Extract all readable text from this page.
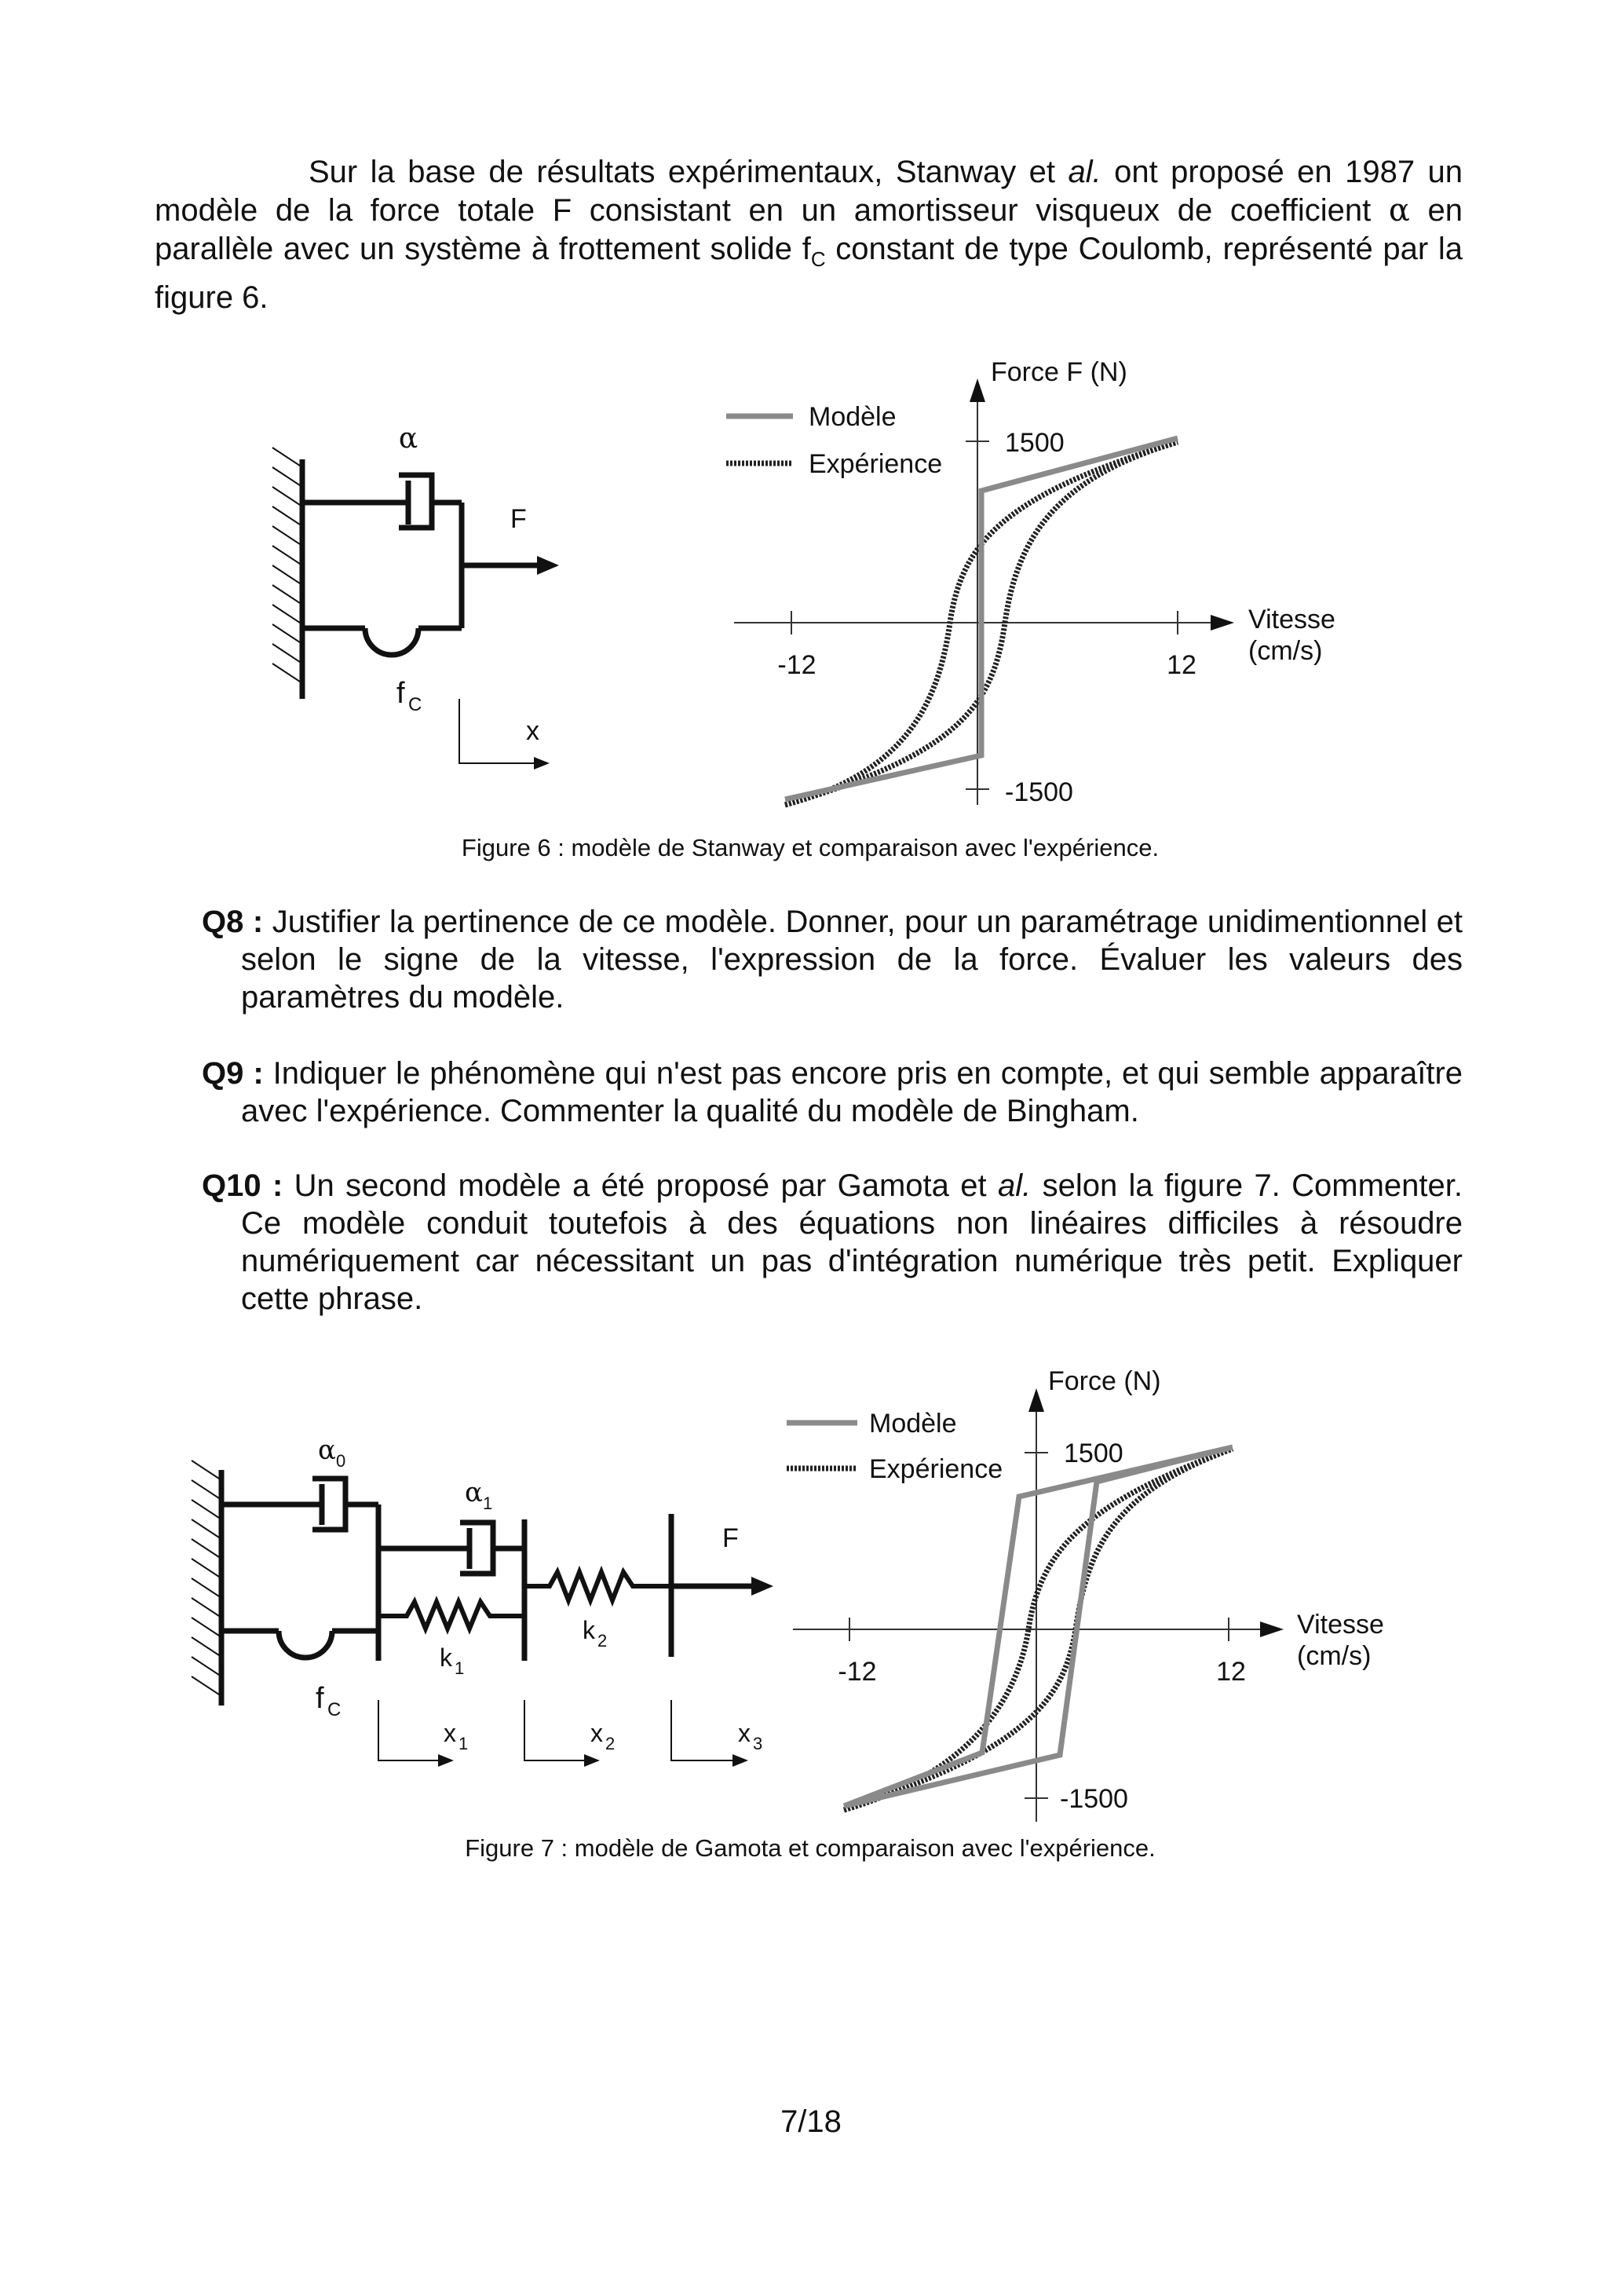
Sur la base de résultats expérimentaux, Stanway et al. ont proposé en 1987 un modèle de la force totale F consistant en un amortisseur visqueux de coefficient α en parallèle avec un système à frottement solide $f_C$ constant de type Coulomb, représenté par la figure 6.

α
F
f C
x
Modèle
Expérience
Force F (N)
1500
-1500
-12	12
Vitesse
(cm/s)

Figure 6 : modèle de Stanway et comparaison avec l'expérience.

Q8 : Justifier la pertinence de ce modèle. Donner, pour un paramétrage unidimentionnel et selon le signe de la vitesse, l'expression de la force. Évaluer les valeurs des paramètres du modèle.

Q9 : Indiquer le phénomène qui n'est pas encore pris en compte, et qui semble apparaître avec l'expérience. Commenter la qualité du modèle de Bingham.

Q10 : Un second modèle a été proposé par Gamota et al. selon la figure 7. Commenter. Ce modèle conduit toutefois à des équations non linéaires difficiles à résoudre numériquement car nécessitant un pas d'intégration numérique très petit. Expliquer cette phrase.

α 0
α 1
k 1
k 2
F
f C
x 1	x 2	x 3
Modèle
Expérience
Force (N)
1500
-1500
-12	12
Vitesse
(cm/s)

Figure 7 : modèle de Gamota et comparaison avec l'expérience.

7/18
